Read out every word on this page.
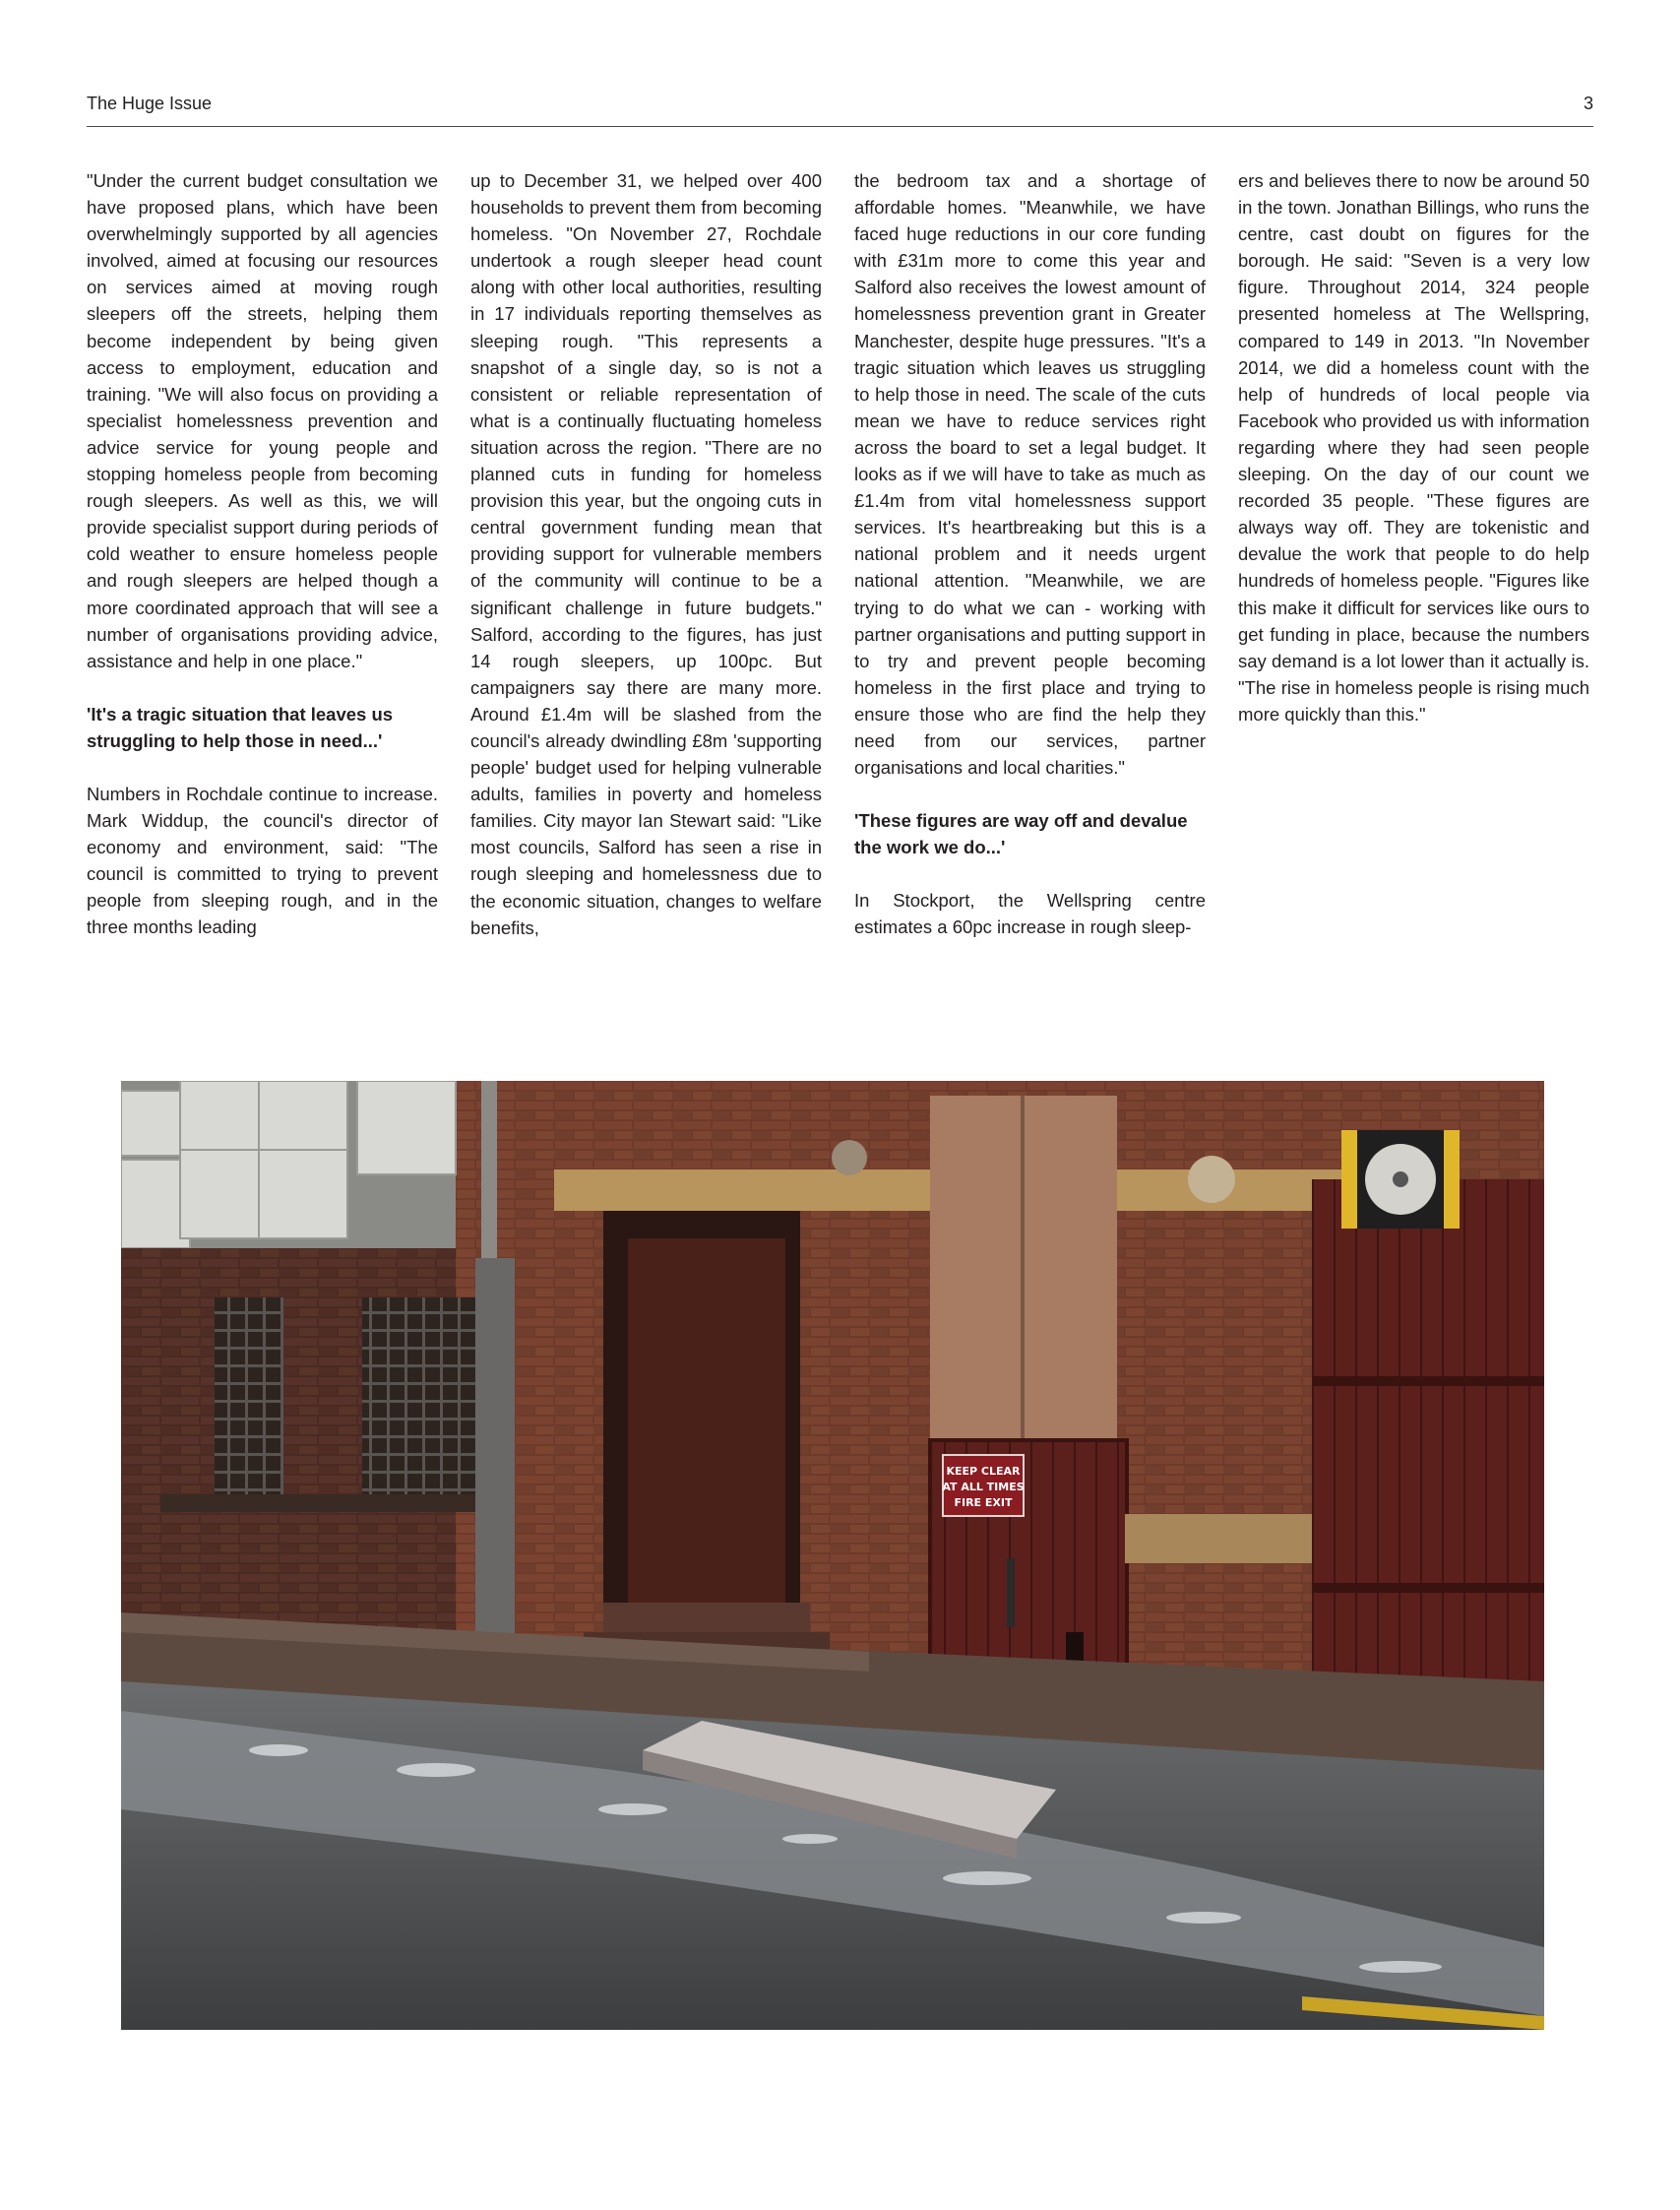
The Huge Issue	3

"Under the current budget consultation we have proposed plans, which have been overwhelmingly supported by all agencies involved, aimed at focusing our resources on services aimed at moving rough sleepers off the streets, helping them become independent by being given access to employment, education and training. "We will also focus on providing a specialist homelessness prevention and advice service for young people and stopping homeless people from becoming rough sleepers. As well as this, we will provide specialist support during periods of cold weather to ensure homeless people and rough sleepers are helped though a more coordinated approach that will see a number of organisations providing advice, assistance and help in one place."

'It's a tragic situation that leaves us struggling to help those in need...'

Numbers in Rochdale continue to increase. Mark Widdup, the council's director of economy and environment, said: "The council is committed to trying to prevent people from sleeping rough, and in the three months leading

up to December 31, we helped over 400 households to prevent them from becoming homeless. "On November 27, Rochdale undertook a rough sleeper head count along with other local authorities, resulting in 17 individuals reporting themselves as sleeping rough. "This represents a snapshot of a single day, so is not a consistent or reliable representation of what is a continually fluctuating homeless situation across the region. "There are no planned cuts in funding for homeless provision this year, but the ongoing cuts in central government funding mean that providing support for vulnerable members of the community will continue to be a significant challenge in future budgets." Salford, according to the figures, has just 14 rough sleepers, up 100pc. But campaigners say there are many more. Around £1.4m will be slashed from the council's already dwindling £8m 'supporting people' budget used for helping vulnerable adults, families in poverty and homeless families. City mayor Ian Stewart said: "Like most councils, Salford has seen a rise in rough sleeping and homelessness due to the economic situation, changes to welfare benefits,

the bedroom tax and a shortage of affordable homes. "Meanwhile, we have faced huge reductions in our core funding with £31m more to come this year and Salford also receives the lowest amount of homelessness prevention grant in Greater Manchester, despite huge pressures. "It's a tragic situation which leaves us struggling to help those in need. The scale of the cuts mean we have to reduce services right across the board to set a legal budget. It looks as if we will have to take as much as £1.4m from vital homelessness support services. It's heartbreaking but this is a national problem and it needs urgent national attention. "Meanwhile, we are trying to do what we can - working with partner organisations and putting support in to try and prevent people becoming homeless in the first place and trying to ensure those who are find the help they need from our services, partner organisations and local charities."

'These figures are way off and devalue the work we do...'

In Stockport, the Wellspring centre estimates a 60pc increase in rough sleep-

ers and believes there to now be around 50 in the town. Jonathan Billings, who runs the centre, cast doubt on figures for the borough. He said: "Seven is a very low figure. Throughout 2014, 324 people presented homeless at The Wellspring, compared to 149 in 2013. "In November 2014, we did a homeless count with the help of hundreds of local people via Facebook who provided us with information regarding where they had seen people sleeping. On the day of our count we recorded 35 people. "These figures are always way off. They are tokenistic and devalue the work that people to do help hundreds of homeless people. "Figures like this make it difficult for services like ours to get funding in place, because the numbers say demand is a lot lower than it actually is. "The rise in homeless people is rising much more quickly than this."

KEEP CLEAR
AT ALL TIMES
FIRE EXIT
